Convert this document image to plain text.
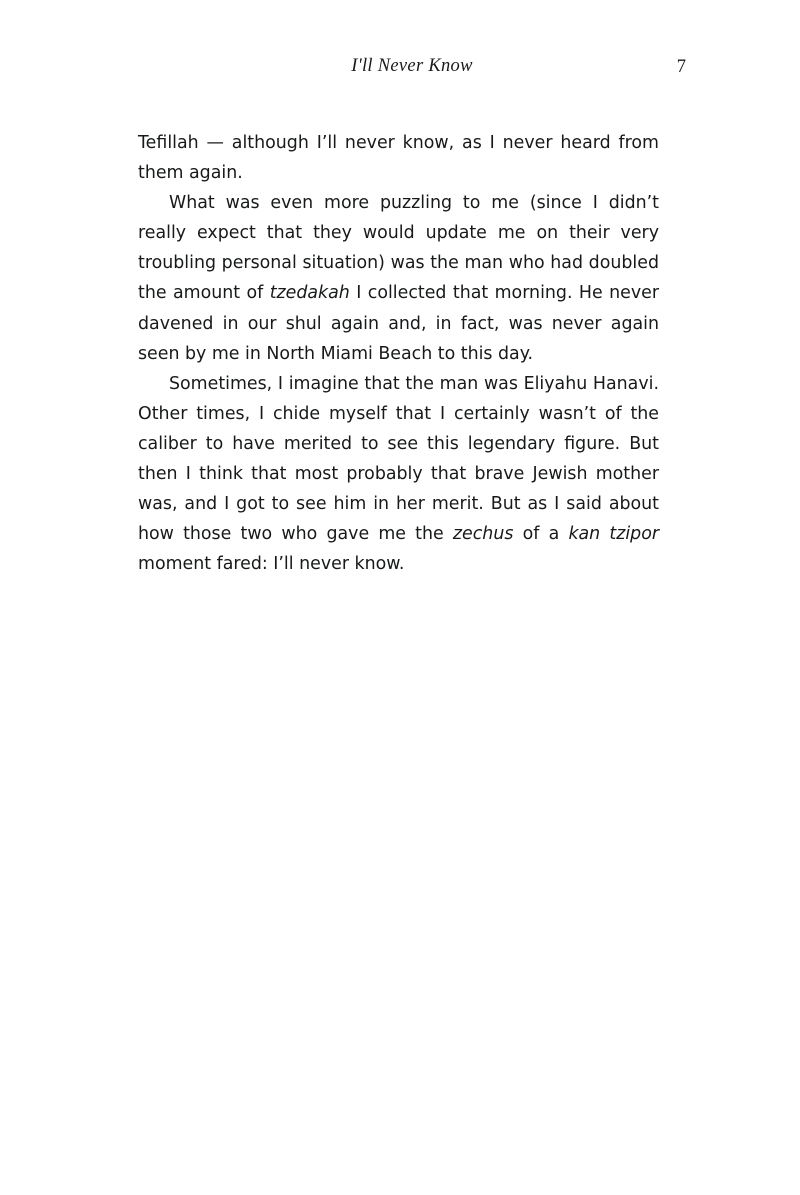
I'll Never Know	7

Tefillah — although I’ll never know, as I never heard from them again.

What was even more puzzling to me (since I didn’t really expect that they would update me on their very troubling personal situation) was the man who had doubled the amount of tzedakah I collected that morning. He never davened in our shul again and, in fact, was never again seen by me in North Miami Beach to this day.

Sometimes, I imagine that the man was Eliyahu Hanavi. Other times, I chide myself that I certainly wasn’t of the caliber to have merited to see this legendary figure. But then I think that most probably that brave Jewish mother was, and I got to see him in her merit. But as I said about how those two who gave me the zechus of a kan tzipor moment fared: I’ll never know.
